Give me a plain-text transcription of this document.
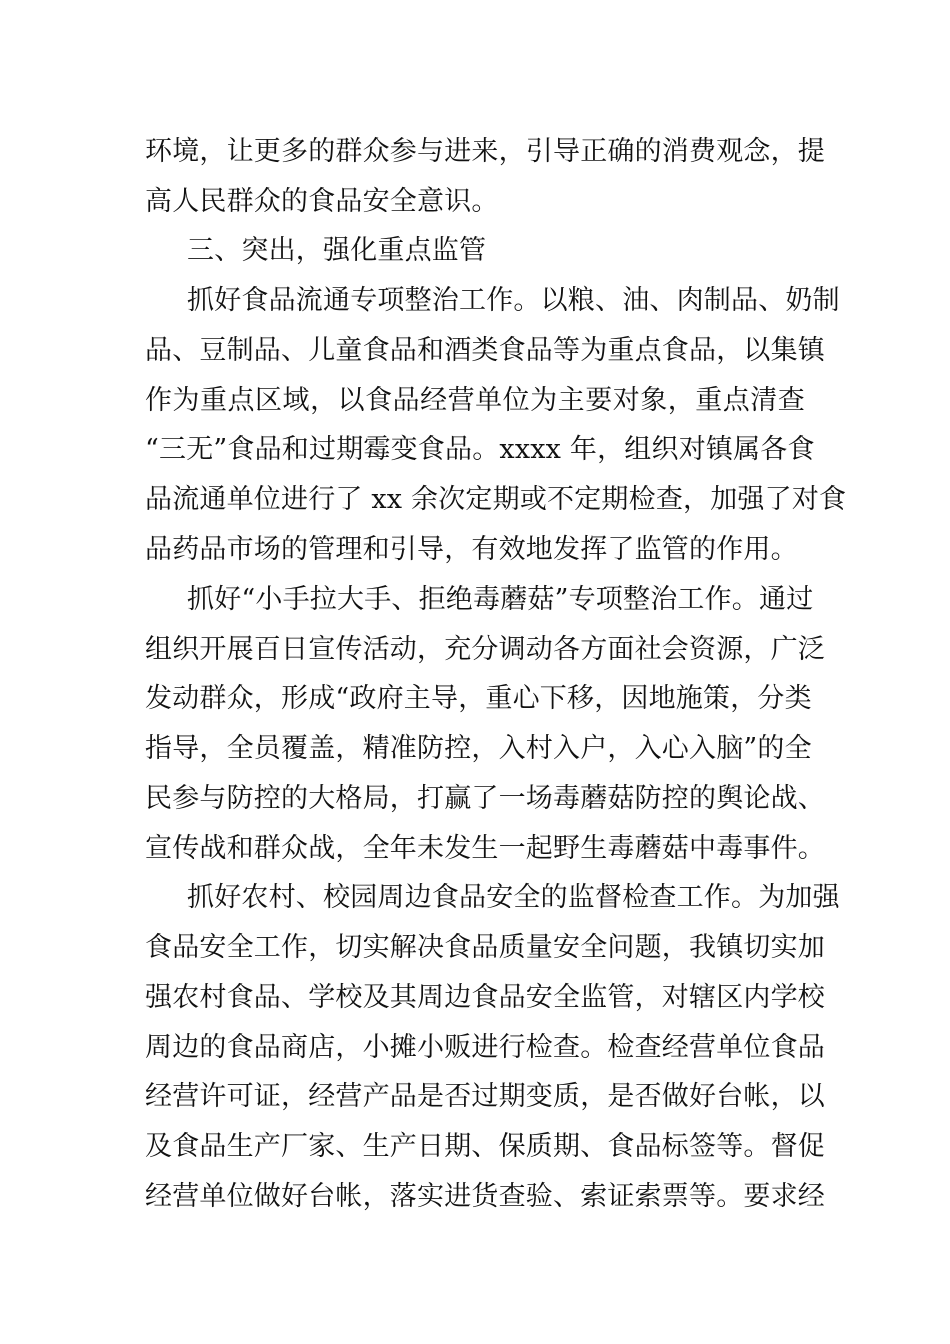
环境，让更多的群众参与进来，引导正确的消费观念，提

高人民群众的食品安全意识。

三、突出，强化重点监管

抓好食品流通专项整治工作。以粮、油、肉制品、奶制

品、豆制品、儿童食品和酒类食品等为重点食品，以集镇

作为重点区域，以食品经营单位为主要对象，重点清查

“三无”食品和过期霉变食品。xxxx 年，组织对镇属各食

品流通单位进行了 xx 余次定期或不定期检查，加强了对食

品药品市场的管理和引导，有效地发挥了监管的作用。

抓好“小手拉大手、拒绝毒蘑菇”专项整治工作。通过

组织开展百日宣传活动，充分调动各方面社会资源，广泛

发动群众，形成“政府主导，重心下移，因地施策，分类

指导，全员覆盖，精准防控，入村入户，入心入脑”的全

民参与防控的大格局，打赢了一场毒蘑菇防控的舆论战、

宣传战和群众战，全年未发生一起野生毒蘑菇中毒事件。

抓好农村、校园周边食品安全的监督检查工作。为加强

食品安全工作，切实解决食品质量安全问题，我镇切实加

强农村食品、学校及其周边食品安全监管，对辖区内学校

周边的食品商店，小摊小贩进行检查。检查经营单位食品

经营许可证，经营产品是否过期变质，是否做好台帐，以

及食品生产厂家、生产日期、保质期、食品标签等。督促

经营单位做好台帐，落实进货查验、索证索票等。要求经
